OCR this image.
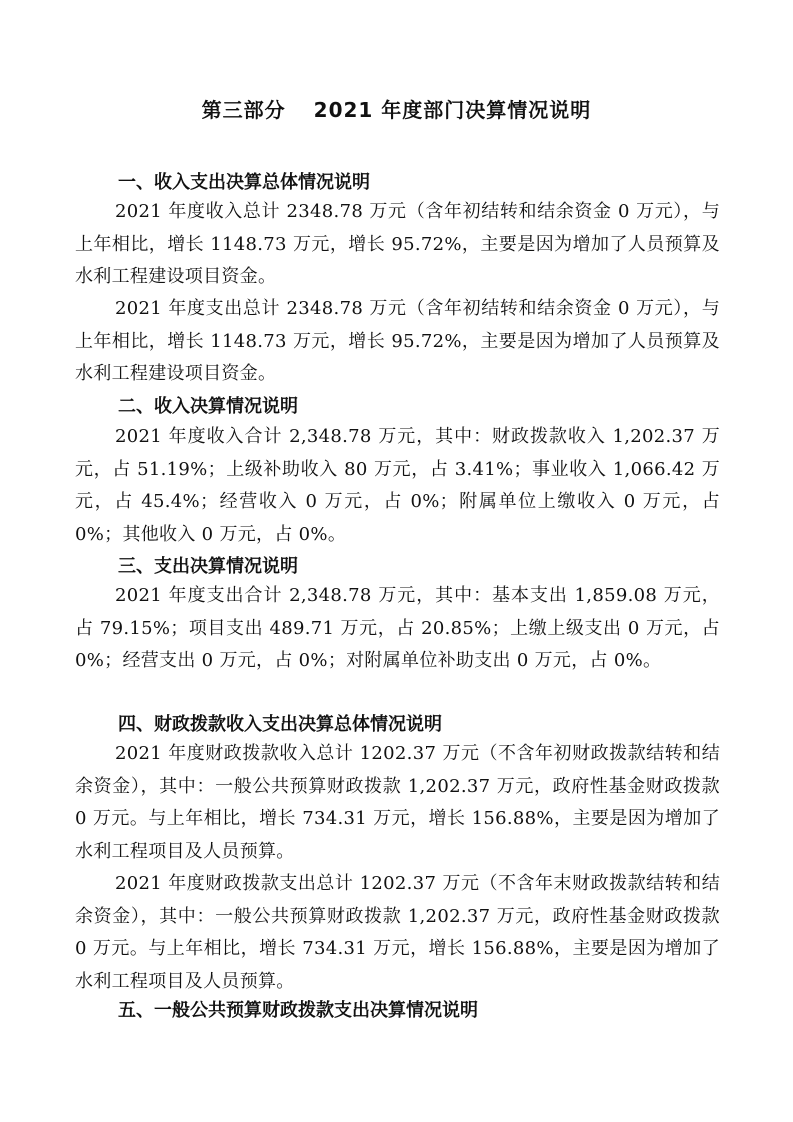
第三部分 2021 年度部门决算情况说明
一、收入支出决算总体情况说明

2021 年度收入总计 2348.78 万元（含年初结转和结余资金 0 万元），与上年相比，增长 1148.73 万元，增长 95.72%，主要是因为增加了人员预算及水利工程建设项目资金。

2021 年度支出总计 2348.78 万元（含年初结转和结余资金 0 万元），与上年相比，增长 1148.73 万元，增长 95.72%，主要是因为增加了人员预算及水利工程建设项目资金。

二、收入决算情况说明

2021 年度收入合计 2,348.78 万元，其中：财政拨款收入 1,202.37 万元，占 51.19%；上级补助收入 80 万元，占 3.41%；事业收入 1,066.42 万元，占 45.4%；经营收入 0 万元，占 0%；附属单位上缴收入 0 万元，占 0%；其他收入 0 万元，占 0%。

三、支出决算情况说明

2021 年度支出合计 2,348.78 万元，其中：基本支出 1,859.08 万元，占 79.15%；项目支出 489.71 万元，占 20.85%；上缴上级支出 0 万元，占 0%；经营支出 0 万元，占 0%；对附属单位补助支出 0 万元，占 0%。

四、财政拨款收入支出决算总体情况说明

2021 年度财政拨款收入总计 1202.37 万元（不含年初财政拨款结转和结余资金），其中：一般公共预算财政拨款 1,202.37 万元，政府性基金财政拨款 0 万元。与上年相比，增长 734.31 万元，增长 156.88%，主要是因为增加了水利工程项目及人员预算。

2021 年度财政拨款支出总计 1202.37 万元（不含年末财政拨款结转和结余资金），其中：一般公共预算财政拨款 1,202.37 万元，政府性基金财政拨款 0 万元。与上年相比，增长 734.31 万元，增长 156.88%，主要是因为增加了水利工程项目及人员预算。

五、一般公共预算财政拨款支出决算情况说明
